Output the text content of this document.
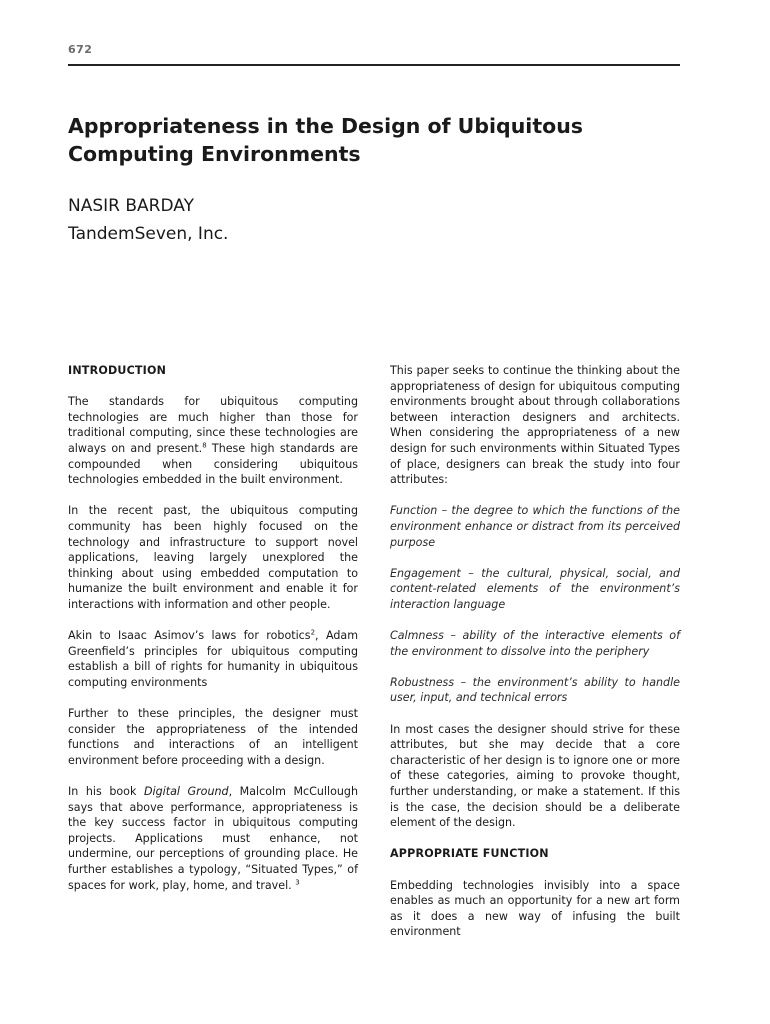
672
Appropriateness in the Design of Ubiquitous Computing Environments
NASIR BARDAY
TandemSeven, Inc.
INTRODUCTION

The standards for ubiquitous computing technologies are much higher than those for traditional computing, since these technologies are always on and present.$^8$ These high standards are compounded when considering ubiquitous technologies embedded in the built environment.

In the recent past, the ubiquitous computing community has been highly focused on the technology and infrastructure to support novel applications, leaving largely unexplored the thinking about using embedded computation to humanize the built environment and enable it for interactions with information and other people.

Akin to Isaac Asimov’s laws for robotics$^2$, Adam Greenfield’s principles for ubiquitous computing establish a bill of rights for humanity in ubiquitous computing environments

Further to these principles, the designer must consider the appropriateness of the intended functions and interactions of an intelligent environment before proceeding with a design.

In his book Digital Ground, Malcolm McCullough says that above performance, appropriateness is the key success factor in ubiquitous computing projects. Applications must enhance, not undermine, our perceptions of grounding place. He further establishes a typology, “Situated Types,” of spaces for work, play, home, and travel. $^3$

This paper seeks to continue the thinking about the appropriateness of design for ubiquitous computing environments brought about through collaborations between interaction designers and architects. When considering the appropriateness of a new design for such environments within Situated Types of place, designers can break the study into four attributes:

Function – the degree to which the functions of the environment enhance or distract from its perceived purpose

Engagement – the cultural, physical, social, and content-related elements of the environment’s interaction language

Calmness – ability of the interactive elements of the environment to dissolve into the periphery

Robustness – the environment’s ability to handle user, input, and technical errors

In most cases the designer should strive for these attributes, but she may decide that a core characteristic of her design is to ignore one or more of these categories, aiming to provoke thought, further understanding, or make a statement. If this is the case, the decision should be a deliberate element of the design.

APPROPRIATE FUNCTION

Embedding technologies invisibly into a space enables as much an opportunity for a new art form as it does a new way of infusing the built environment
